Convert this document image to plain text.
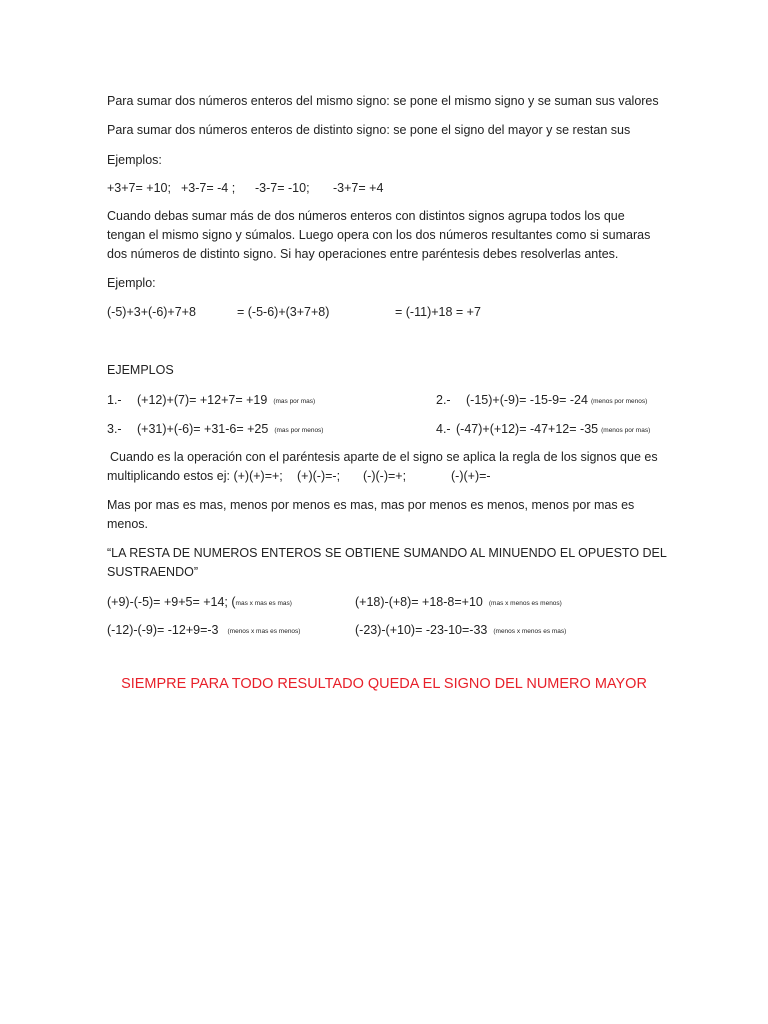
Para sumar dos números enteros del mismo signo: se pone el mismo signo y se suman sus valores

Para sumar dos números enteros de distinto signo: se pone el signo del mayor y se restan sus

Ejemplos:

+3+7= +10; +3-7= -4 ; -3-7= -10; -3+7= +4

Cuando debas sumar más de dos números enteros con distintos signos agrupa todos los que

tengan el mismo signo y súmalos. Luego opera con los dos números resultantes como si sumaras

dos números de distinto signo. Si hay operaciones entre paréntesis debes resolverlas antes.

Ejemplo:

(-5)+3+(-6)+7+8	= (-5-6)+(3+7+8)	= (-11)+18 = +7

EJEMPLOS

1.- (+12)+(7)= +12+7= +19 (mas por mas)	2.- (-15)+(-9)= -15-9= -24 (menos por menos)

3.- (+31)+(-6)= +31-6= +25 (mas por menos)	4.- (-47)+(+12)= -47+12= -35 (menos por mas)

Cuando es la operación con el paréntesis aparte de el signo se aplica la regla de los signos que es

multiplicando estos ej: (+)(+)=+; (+)(-)=-; (-)(-)=+;	(-)(+)=-

Mas por mas es mas, menos por menos es mas, mas por menos es menos, menos por mas es

menos.

“LA RESTA DE NUMEROS ENTEROS SE OBTIENE SUMANDO AL MINUENDO EL OPUESTO DEL

SUSTRAENDO”

(+9)-(-5)= +9+5= +14; (mas x mas es mas)	(+18)-(+8)= +18-8=+10 (mas x menos es menos)

(-12)-(-9)= -12+9=-3 (menos x mas es menos)	(-23)-(+10)= -23-10=-33 (menos x menos es mas)

SIEMPRE PARA TODO RESULTADO QUEDA EL SIGNO DEL NUMERO MAYOR
